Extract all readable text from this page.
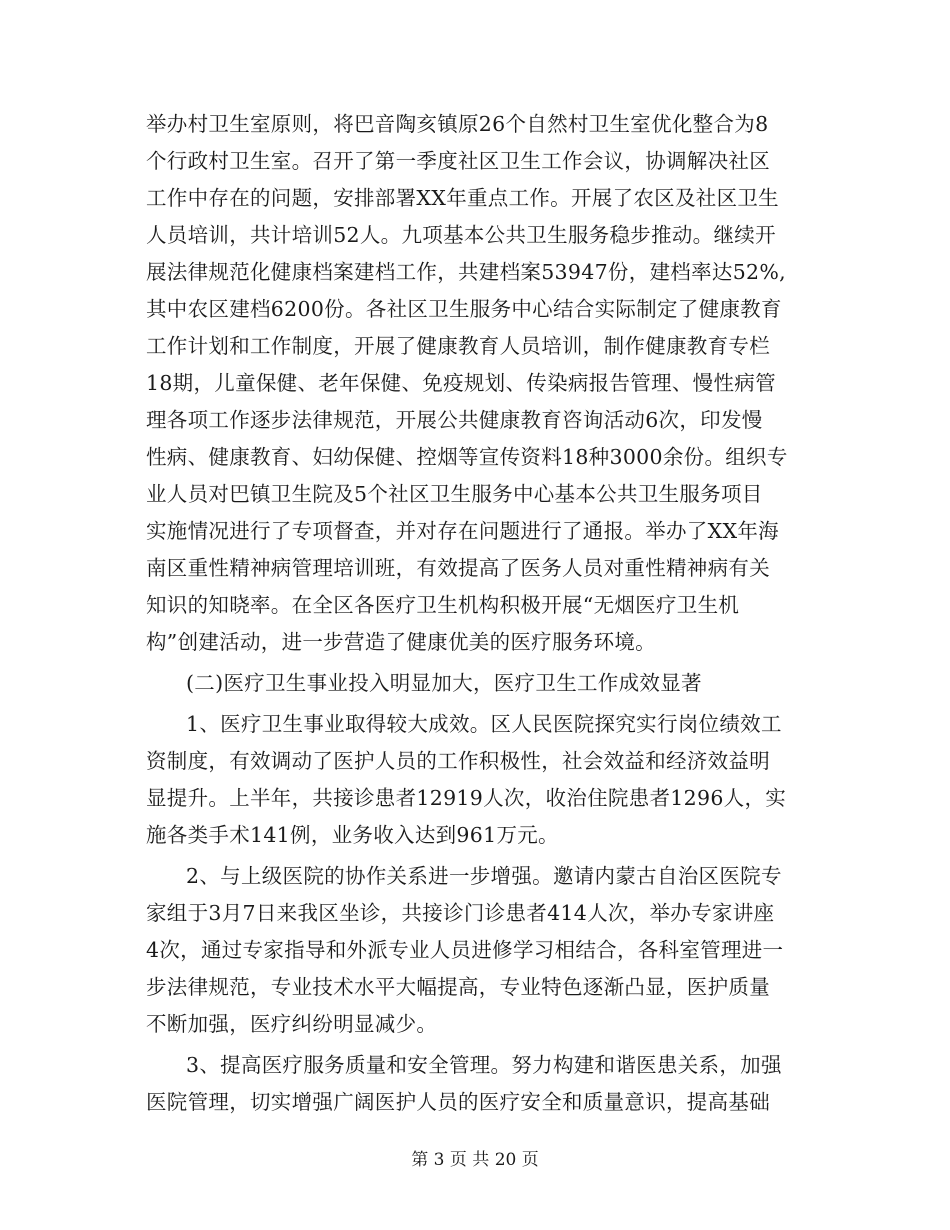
举办村卫生室原则，将巴音陶亥镇原26个自然村卫生室优化整合为8
个行政村卫生室。召开了第一季度社区卫生工作会议，协调解决社区
工作中存在的问题，安排部署XX年重点工作。开展了农区及社区卫生
人员培训，共计培训52人。九项基本公共卫生服务稳步推动。继续开
展法律规范化健康档案建档工作，共建档案53947份，建档率达52%,
其中农区建档6200份。各社区卫生服务中心结合实际制定了健康教育
工作计划和工作制度，开展了健康教育人员培训，制作健康教育专栏
18期，儿童保健、老年保健、免疫规划、传染病报告管理、慢性病管
理各项工作逐步法律规范，开展公共健康教育咨询活动6次，印发慢
性病、健康教育、妇幼保健、控烟等宣传资料18种3000余份。组织专
业人员对巴镇卫生院及5个社区卫生服务中心基本公共卫生服务项目
实施情况进行了专项督查，并对存在问题进行了通报。举办了XX年海
南区重性精神病管理培训班，有效提高了医务人员对重性精神病有关
知识的知晓率。在全区各医疗卫生机构积极开展“无烟医疗卫生机
构”创建活动，进一步营造了健康优美的医疗服务环境。
(二)医疗卫生事业投入明显加大，医疗卫生工作成效显著
1、医疗卫生事业取得较大成效。区人民医院探究实行岗位绩效工
资制度，有效调动了医护人员的工作积极性，社会效益和经济效益明
显提升。上半年，共接诊患者12919人次，收治住院患者1296人，实
施各类手术141例，业务收入达到961万元。
2、与上级医院的协作关系进一步增强。邀请内蒙古自治区医院专
家组于3月7日来我区坐诊，共接诊门诊患者414人次，举办专家讲座
4次，通过专家指导和外派专业人员进修学习相结合，各科室管理进一
步法律规范，专业技术水平大幅提高，专业特色逐渐凸显，医护质量
不断加强，医疗纠纷明显减少。
3、提高医疗服务质量和安全管理。努力构建和谐医患关系，加强
医院管理，切实增强广阔医护人员的医疗安全和质量意识，提高基础
第 3 页 共 20 页
